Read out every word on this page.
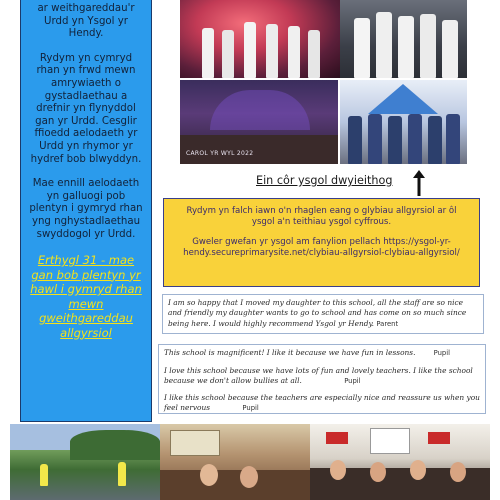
ar weithgareddau'r Urdd yn Ysgol yr Hendy.

Rydym yn cymryd rhan yn frwd mewn amrywiaeth o gystadlaethau a drefnir yn flynyddol gan yr Urdd. Cesglir ffioedd aelodaeth yr Urdd yn rhymor yr hydref bob blwyddyn.

Mae ennill aelodaeth yn galluogi pob plentyn i gymryd rhan yng nghystadlaethau swyddogol yr Urdd.

Erthygl 31 - mae gan bob plentyn yr hawl i gymryd rhan mewn gweithgareddau allgyrsiol

CAROL YR WYL 2022
Ein côr ysgol dwyieithog
Rydym yn falch iawn o'n rhaglen eang o glybiau allgyrsiol ar ôl ysgol a'n teithiau ysgol cyffrous.
Gweler gwefan yr ysgol am fanylion pellach https://ysgol-yr-hendy.secureprimarysite.net/clybiau-allgyrsiol-clybiau-allgyrsiol/
I am so happy that I moved my daughter to this school, all the staff are so nice and friendly my daughter wants to go to school and has come on so much since being here. I would highly recommend Ysgol yr Hendy. Parent
This school is magnificent! I like it because we have fun in lessons.	Pupil
I love this school because we have lots of fun and lovely teachers. I like the school because we don't allow bullies at all.	Pupil
I like this school because the teachers are especially nice and reassure us when you feel nervous	Pupil
